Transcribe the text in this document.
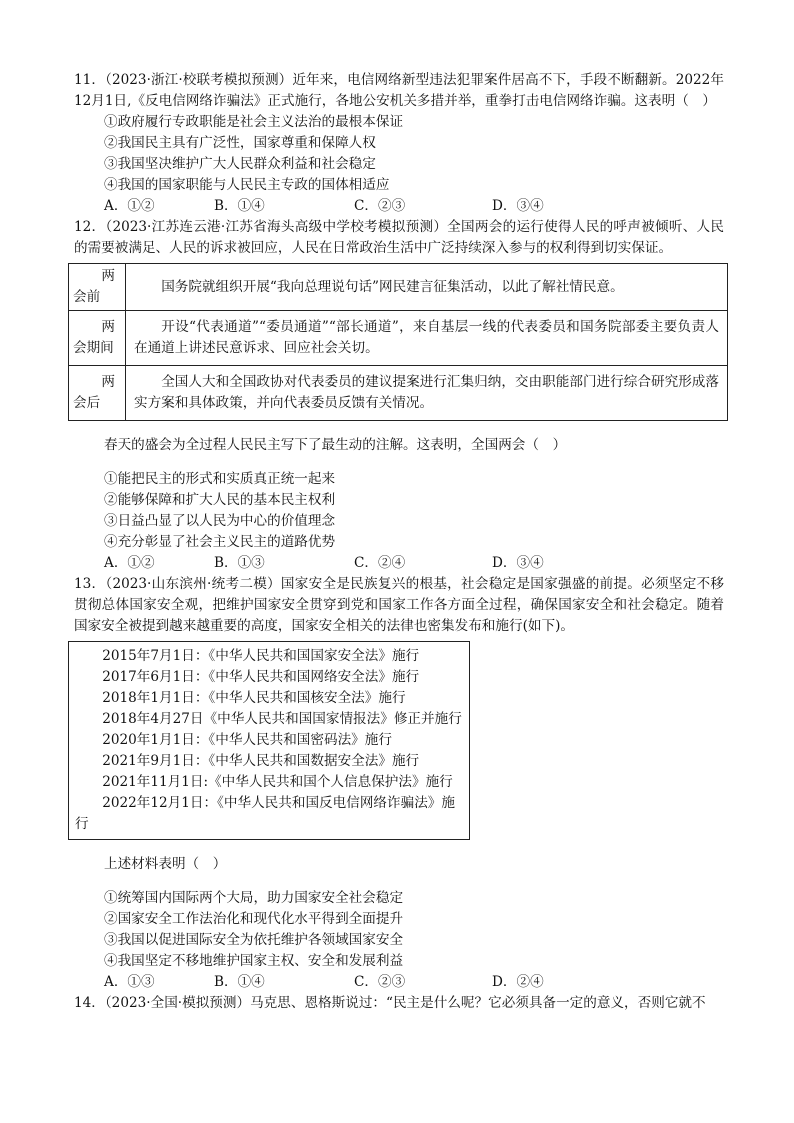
11．（2023·浙江·校联考模拟预测）近年来，电信网络新型违法犯罪案件居高不下，手段不断翻新。2022年12月1日,《反电信网络诈骗法》正式施行，各地公安机关多措并举，重拳打击电信网络诈骗。这表明（　）

①政府履行专政职能是社会主义法治的最根本保证

②我国民主具有广泛性，国家尊重和保障人权

③我国坚决维护广大人民群众利益和社会稳定

④我国的国家职能与人民民主专政的国体相适应

A．①②	B．①④	C．②③	D．③④

12．（2023·江苏连云港·江苏省海头高级中学校考模拟预测）全国两会的运行使得人民的呼声被倾听、人民的需要被满足、人民的诉求被回应，人民在日常政治生活中广泛持续深入参与的权利得到切实保证。

两
会前	国务院就组织开展“我向总理说句话”网民建言征集活动，以此了解社情民意。

两
会期间	开设“代表通道”“委员通道”“部长通道”，来自基层一线的代表委员和国务院部委主要负责人在通道上讲述民意诉求、回应社会关切。

两
会后	全国人大和全国政协对代表委员的建议提案进行汇集归纳，交由职能部门进行综合研究形成落实方案和具体政策，并向代表委员反馈有关情况。

春天的盛会为全过程人民民主写下了最生动的注解。这表明，全国两会（　）

①能把民主的形式和实质真正统一起来

②能够保障和扩大人民的基本民主权利

③日益凸显了以人民为中心的价值理念

④充分彰显了社会主义民主的道路优势

A．①②	B．①③	C．②④	D．③④

13．（2023·山东滨州·统考二模）国家安全是民族复兴的根基，社会稳定是国家强盛的前提。必须坚定不移贯彻总体国家安全观，把维护国家安全贯穿到党和国家工作各方面全过程，确保国家安全和社会稳定。随着国家安全被提到越来越重要的高度，国家安全相关的法律也密集发布和施行(如下)。

2015年7月1日：《中华人民共和国国家安全法》施行

2017年6月1日：《中华人民共和国网络安全法》施行

2018年1月1日：《中华人民共和国核安全法》施行

2018年4月27日《中华人民共和国国家情报法》修正并施行

2020年1月1日：《中华人民共和国密码法》施行

2021年9月1日：《中华人民共和国数据安全法》施行

2021年11月1日:《中华人民共和国个人信息保护法》施行

2022年12月1日：《中华人民共和国反电信网络诈骗法》施行

上述材料表明（　）

①统筹国内国际两个大局，助力国家安全社会稳定

②国家安全工作法治化和现代化水平得到全面提升

③我国以促进国际安全为依托维护各领域国家安全

④我国坚定不移地维护国家主权、安全和发展利益

A．①③	B．①④	C．②③	D．②④

14．（2023·全国·模拟预测）马克思、恩格斯说过：“民主是什么呢？它必须具备一定的意义，否则它就不
